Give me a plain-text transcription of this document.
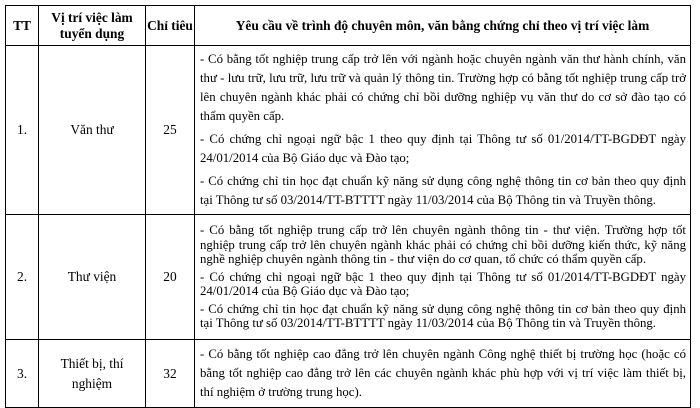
TT	Vị trí việc làm tuyển dụng	Chỉ tiêu	Yêu cầu về trình độ chuyên môn, văn bằng chứng chỉ theo vị trí việc làm
1.	Văn thư	25	- Có bằng tốt nghiệp trung cấp trở lên với ngành hoặc chuyên ngành văn thư hành chính, văn thư - lưu trữ, lưu trữ, lưu trữ và quản lý thông tin. Trường hợp có bằng tốt nghiệp trung cấp trở lên chuyên ngành khác phải có chứng chỉ bồi dưỡng nghiệp vụ văn thư do cơ sở đào tạo có thẩm quyền cấp.

- Có chứng chỉ ngoại ngữ bậc 1 theo quy định tại Thông tư số 01/2014/TT-BGDĐT ngày 24/01/2014 của Bộ Giáo dục và Đào tạo;

- Có chứng chỉ tin học đạt chuẩn kỹ năng sử dụng công nghệ thông tin cơ bản theo quy định tại Thông tư số 03/2014/TT-BTTTT ngày 11/03/2014 của Bộ Thông tin và Truyền thông.

2.	Thư viện	20	- Có bằng tốt nghiệp trung cấp trở lên chuyên ngành thông tin - thư viện. Trường hợp tốt nghiệp trung cấp trở lên chuyên ngành khác phải có chứng chỉ bồi dưỡng kiến thức, kỹ năng nghề nghiệp chuyên ngành thông tin - thư viện do cơ quan, tổ chức có thẩm quyền cấp.

- Có chứng chỉ ngoại ngữ bậc 1 theo quy định tại Thông tư số 01/2014/TT-BGDĐT ngày 24/01/2014 của Bộ Giáo dục và Đào tạo;

- Có chứng chỉ tin học đạt chuẩn kỹ năng sử dụng công nghệ thông tin cơ bản theo quy định tại Thông tư số 03/2014/TT-BTTTT ngày 11/03/2014 của Bộ Thông tin và Truyền thông.

3.	Thiết bị, thí nghiệm	32	- Có bằng tốt nghiệp cao đẳng trở lên chuyên ngành Công nghệ thiết bị trường học (hoặc có bằng tốt nghiệp cao đẳng trở lên các chuyên ngành khác phù hợp với vị trí việc làm thiết bị, thí nghiệm ở trường trung học).
